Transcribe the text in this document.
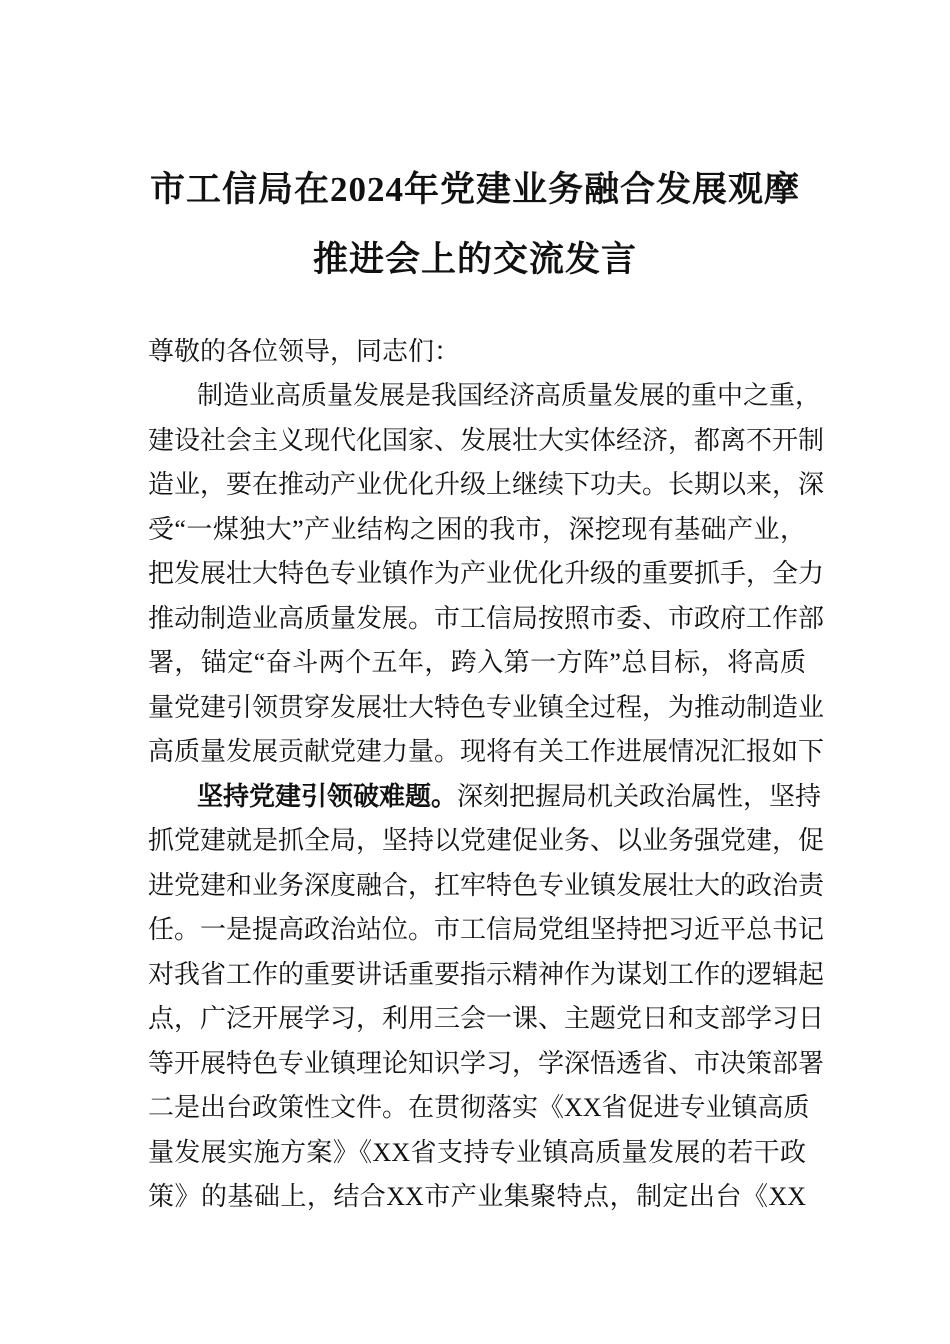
市工信局在2024年党建业务融合发展观摩
推进会上的交流发言
尊敬的各位领导，同志们：
制造业高质量发展是我国经济高质量发展的重中之重，
建设社会主义现代化国家、发展壮大实体经济，都离不开制
造业，要在推动产业优化升级上继续下功夫。长期以来，深
受“一煤独大”产业结构之困的我市，深挖现有基础产业，
把发展壮大特色专业镇作为产业优化升级的重要抓手，全力
推动制造业高质量发展。市工信局按照市委、市政府工作部
署，锚定“奋斗两个五年，跨入第一方阵”总目标，将高质
量党建引领贯穿发展壮大特色专业镇全过程，为推动制造业
高质量发展贡献党建力量。现将有关工作进展情况汇报如下
坚持党建引领破难题。深刻把握局机关政治属性，坚持
抓党建就是抓全局，坚持以党建促业务、以业务强党建，促
进党建和业务深度融合，扛牢特色专业镇发展壮大的政治责
任。一是提高政治站位。市工信局党组坚持把习近平总书记
对我省工作的重要讲话重要指示精神作为谋划工作的逻辑起
点，广泛开展学习，利用三会一课、主题党日和支部学习日
等开展特色专业镇理论知识学习，学深悟透省、市决策部署
二是出台政策性文件。在贯彻落实《XX省促进专业镇高质
量发展实施方案》《XX省支持专业镇高质量发展的若干政
策》的基础上，结合XX市产业集聚特点，制定出台《XX
